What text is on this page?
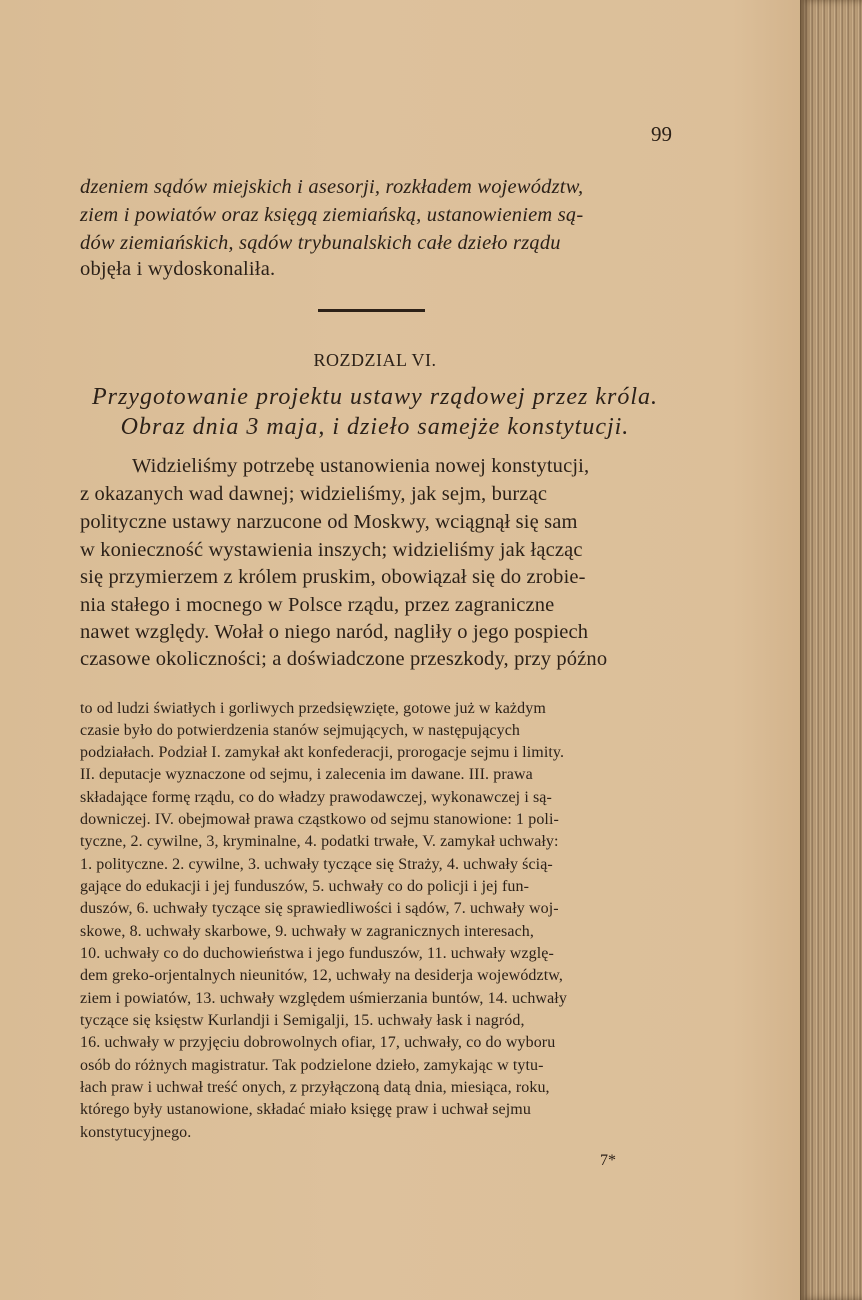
99
dzeniem sądów miejskich i asesorji, rozkładem województw,
ziem i powiatów oraz księgą ziemiańską, ustanowieniem są-
dów ziemiańskich, sądów trybunalskich całe dzieło rządu
objęła i wydoskonaliła.
ROZDZIAL VI.
Przygotowanie projektu ustawy rządowej przez króla.
Obraz dnia 3 maja, i dzieło samejże konstytucji.
Widzieliśmy potrzebę ustanowienia nowej konstytucji,
z okazanych wad dawnej; widzieliśmy, jak sejm, burząc
polityczne ustawy narzucone od Moskwy, wciągnął się sam
w konieczność wystawienia inszych; widzieliśmy jak łącząc
się przymierzem z królem pruskim, obowiązał się do zrobie-
nia stałego i mocnego w Polsce rządu, przez zagraniczne
nawet względy. Wołał o niego naród, nagliły o jego pospiech
czasowe okoliczności; a doświadczone przeszkody, przy późno
to od ludzi światłych i gorliwych przedsięwzięte, gotowe już w każdym
czasie było do potwierdzenia stanów sejmujących, w następujących
podziałach. Podział I. zamykał akt konfederacji, prorogacje sejmu i limity.
II. deputacje wyznaczone od sejmu, i zalecenia im dawane. III. prawa
składające formę rządu, co do władzy prawodawczej, wykonawczej i są-
downiczej. IV. obejmował prawa cząstkowo od sejmu stanowione: 1 poli-
tyczne, 2. cywilne, 3, kryminalne, 4. podatki trwałe, V. zamykał uchwały:
1. polityczne. 2. cywilne, 3. uchwały tyczące się Straży, 4. uchwały ścią-
gające do edukacji i jej funduszów, 5. uchwały co do policji i jej fun-
duszów, 6. uchwały tyczące się sprawiedliwości i sądów, 7. uchwały woj-
skowe, 8. uchwały skarbowe, 9. uchwały w zagranicznych interesach,
10. uchwały co do duchowieństwa i jego funduszów, 11. uchwały wzglę-
dem greko-orjentalnych nieunitów, 12, uchwały na desiderja województw,
ziem i powiatów, 13. uchwały względem uśmierzania buntów, 14. uchwały
tyczące się księstw Kurlandji i Semigalji, 15. uchwały łask i nagród,
16. uchwały w przyjęciu dobrowolnych ofiar, 17, uchwały, co do wyboru
osób do różnych magistratur. Tak podzielone dzieło, zamykając w tytu-
łach praw i uchwał treść onych, z przyłączoną datą dnia, miesiąca, roku,
którego były ustanowione, składać miało księgę praw i uchwał sejmu
konstytucyjnego.
7*
